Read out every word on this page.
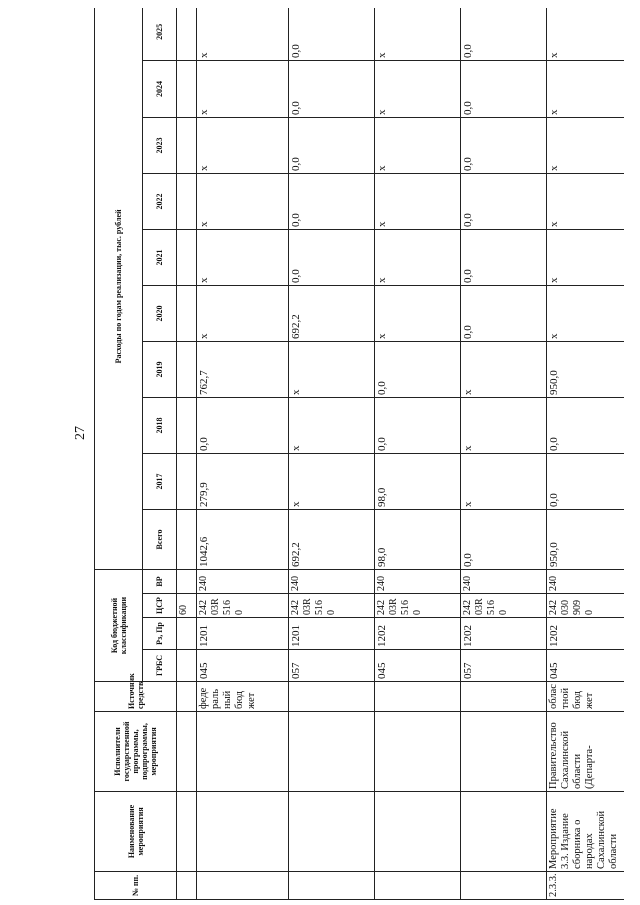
27
№ пп.	Наименование мероприятия	Исполнители государственной программы, подпрограммы, мероприятия	Источник средств	Код бюджетной классификации				Расходы по годам реализации, тыс. рублей									
				ГРБС	Рз, Пр	ЦСР	ВР	Всего	2017	2018	2019	2020	2021	2022	2023	2024	2025
						60											
			федеральный бюджет	045	1201	24203R5160	240	1042,6	279,9	0,0	762,7	x	x	x	x	x	x
				057	1201	24203R5160	240	692,2	x	x	x	692,2	0,0	0,0	0,0	0,0	0,0
				045	1202	24203R5160	240	98,0	98,0	0,0	0,0	x	x	x	x	x	x
				057	1202	24203R5160	240	0,0	x	x	x	0,0	0,0	0,0	0,0	0,0	0,0
2.3.3.	Мероприятие 3.3. Издание сборника о народах Сахалинской области	Правительство Сахалинской области (Департа-	областной бюджет	045	1202	2420309090	240	950,0	0,0	0,0	950,0	x	x	x	x	x	x
